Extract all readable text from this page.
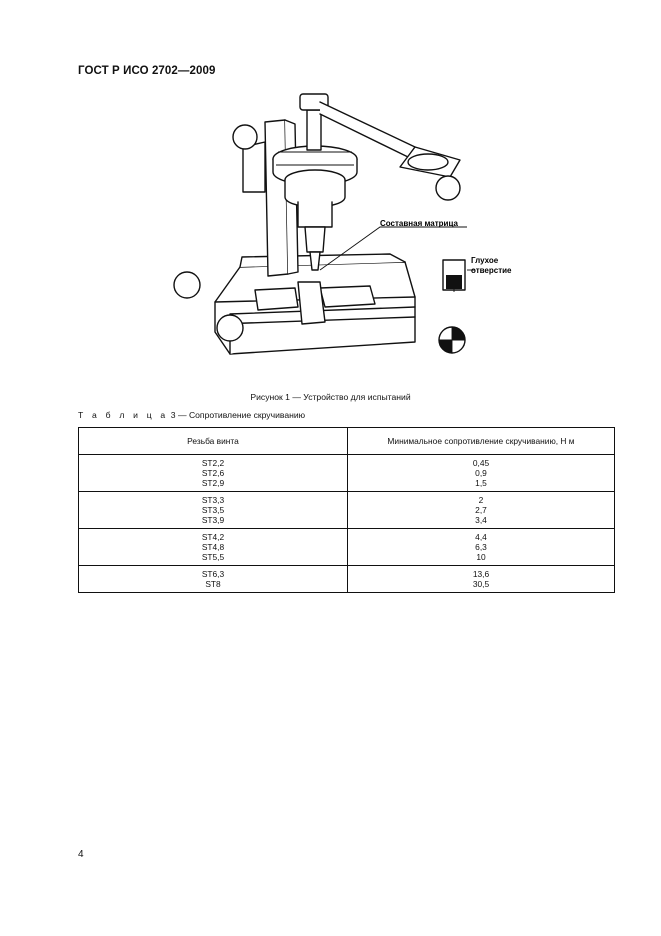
ГОСТ Р ИСО 2702—2009
Составная матрица
Глухое
отверстие
Рисунок 1 — Устройство для испытаний
Т а б л и ц а 3 — Сопротивление скручиванию
Резьба винта	Минимальное сопротивление скручиванию, Н м
ST2,2	0,45
ST2,6	0,9
ST2,9	1,5
ST3,3	2
ST3,5	2,7
ST3,9	3,4
ST4,2	4,4
ST4,8	6,3
ST5,5	10
ST6,3	13,6
ST8	30,5
4
